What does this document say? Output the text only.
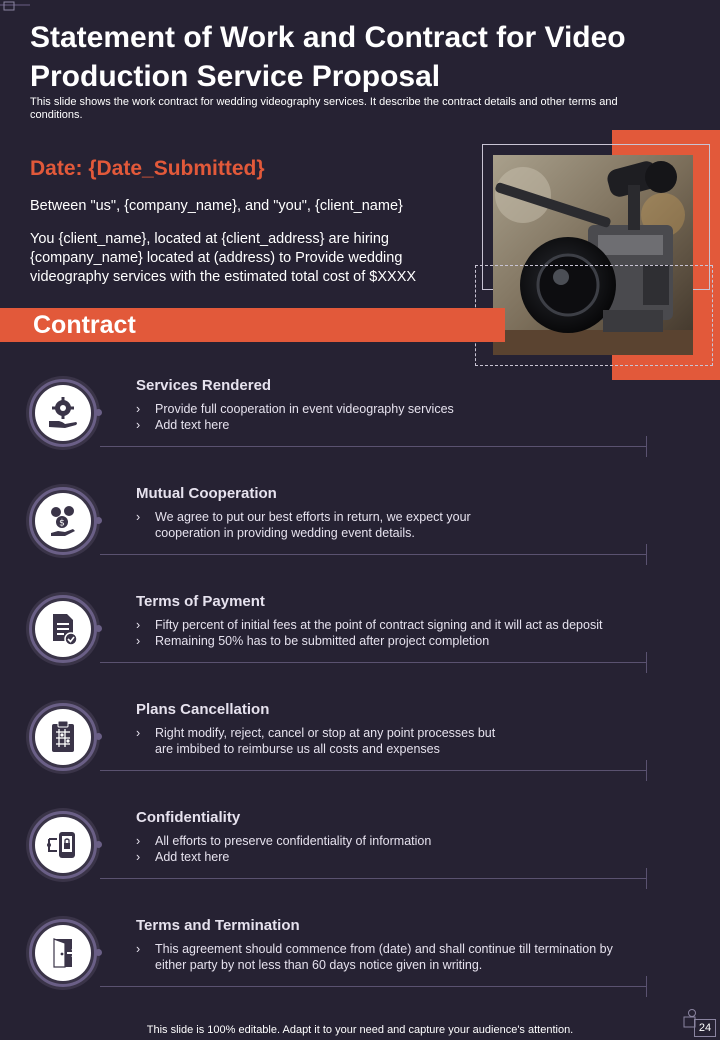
Statement of Work and Contract for Video Production Service Proposal
This slide shows the work contract for wedding videography services. It describe the contract details and other terms and conditions.
Date: {Date_Submitted}
Between "us", {company_name}, and "you", {client_name}
You {client_name}, located at {client_address} are hiring {company_name} located at (address) to Provide wedding videography services with the estimated total cost of $XXXX
Contract
Services Rendered
› Provide full cooperation in event videography services
› Add text here
$
Mutual Cooperation
› We agree to put our best efforts in return, we expect your cooperation in providing wedding event details.
Terms of Payment
› Fifty percent of initial fees at the point of contract signing and it will act as deposit
› Remaining 50% has to be submitted after project completion
Plans Cancellation
› Right modify, reject, cancel or stop at any point processes but are imbibed to reimburse us all costs and expenses
Confidentiality
› All efforts to preserve confidentiality of information
› Add text here
Terms and Termination
› This agreement should commence from (date) and shall continue till termination by either party by not less than 60 days notice given in writing.
This slide is 100% editable. Adapt it to your need and capture your audience's attention.	24
